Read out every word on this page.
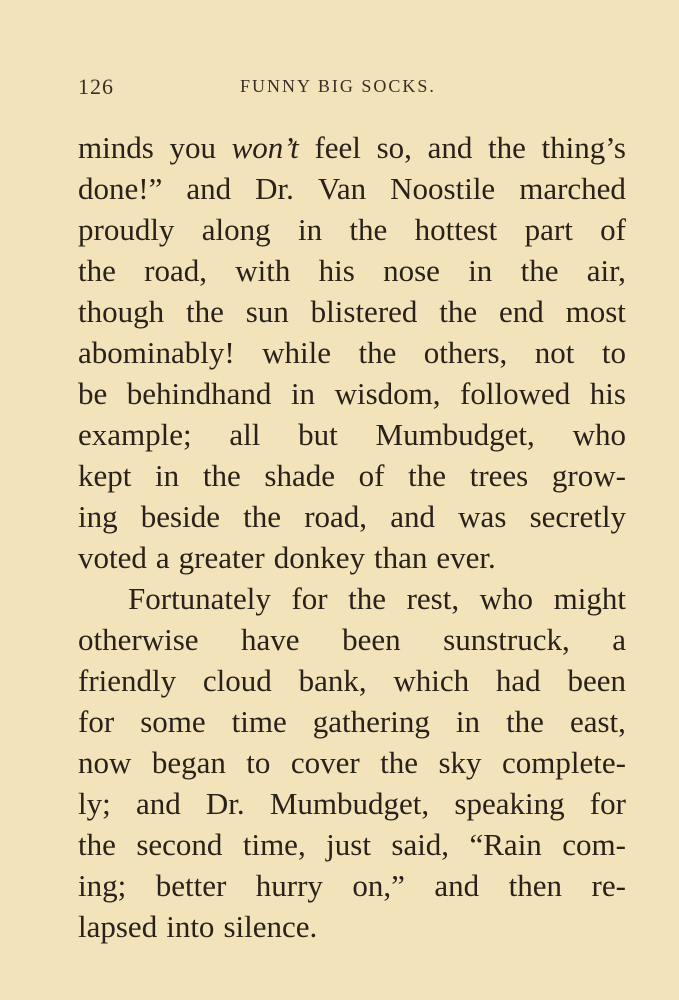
126	FUNNY BIG SOCKS.
minds you won’t feel so, and the thing’s
done!” and Dr. Van Noostile marched
proudly along in the hottest part of
the road, with his nose in the air,
though the sun blistered the end most
abominably! while the others, not to
be behindhand in wisdom, followed his
example; all but Mumbudget, who
kept in the shade of the trees grow-
ing beside the road, and was secretly
voted a greater donkey than ever.
Fortunately for the rest, who might
otherwise have been sunstruck, a
friendly cloud bank, which had been
for some time gathering in the east,
now began to cover the sky complete-
ly; and Dr. Mumbudget, speaking for
the second time, just said, “Rain com-
ing; better hurry on,” and then re-
lapsed into silence.
